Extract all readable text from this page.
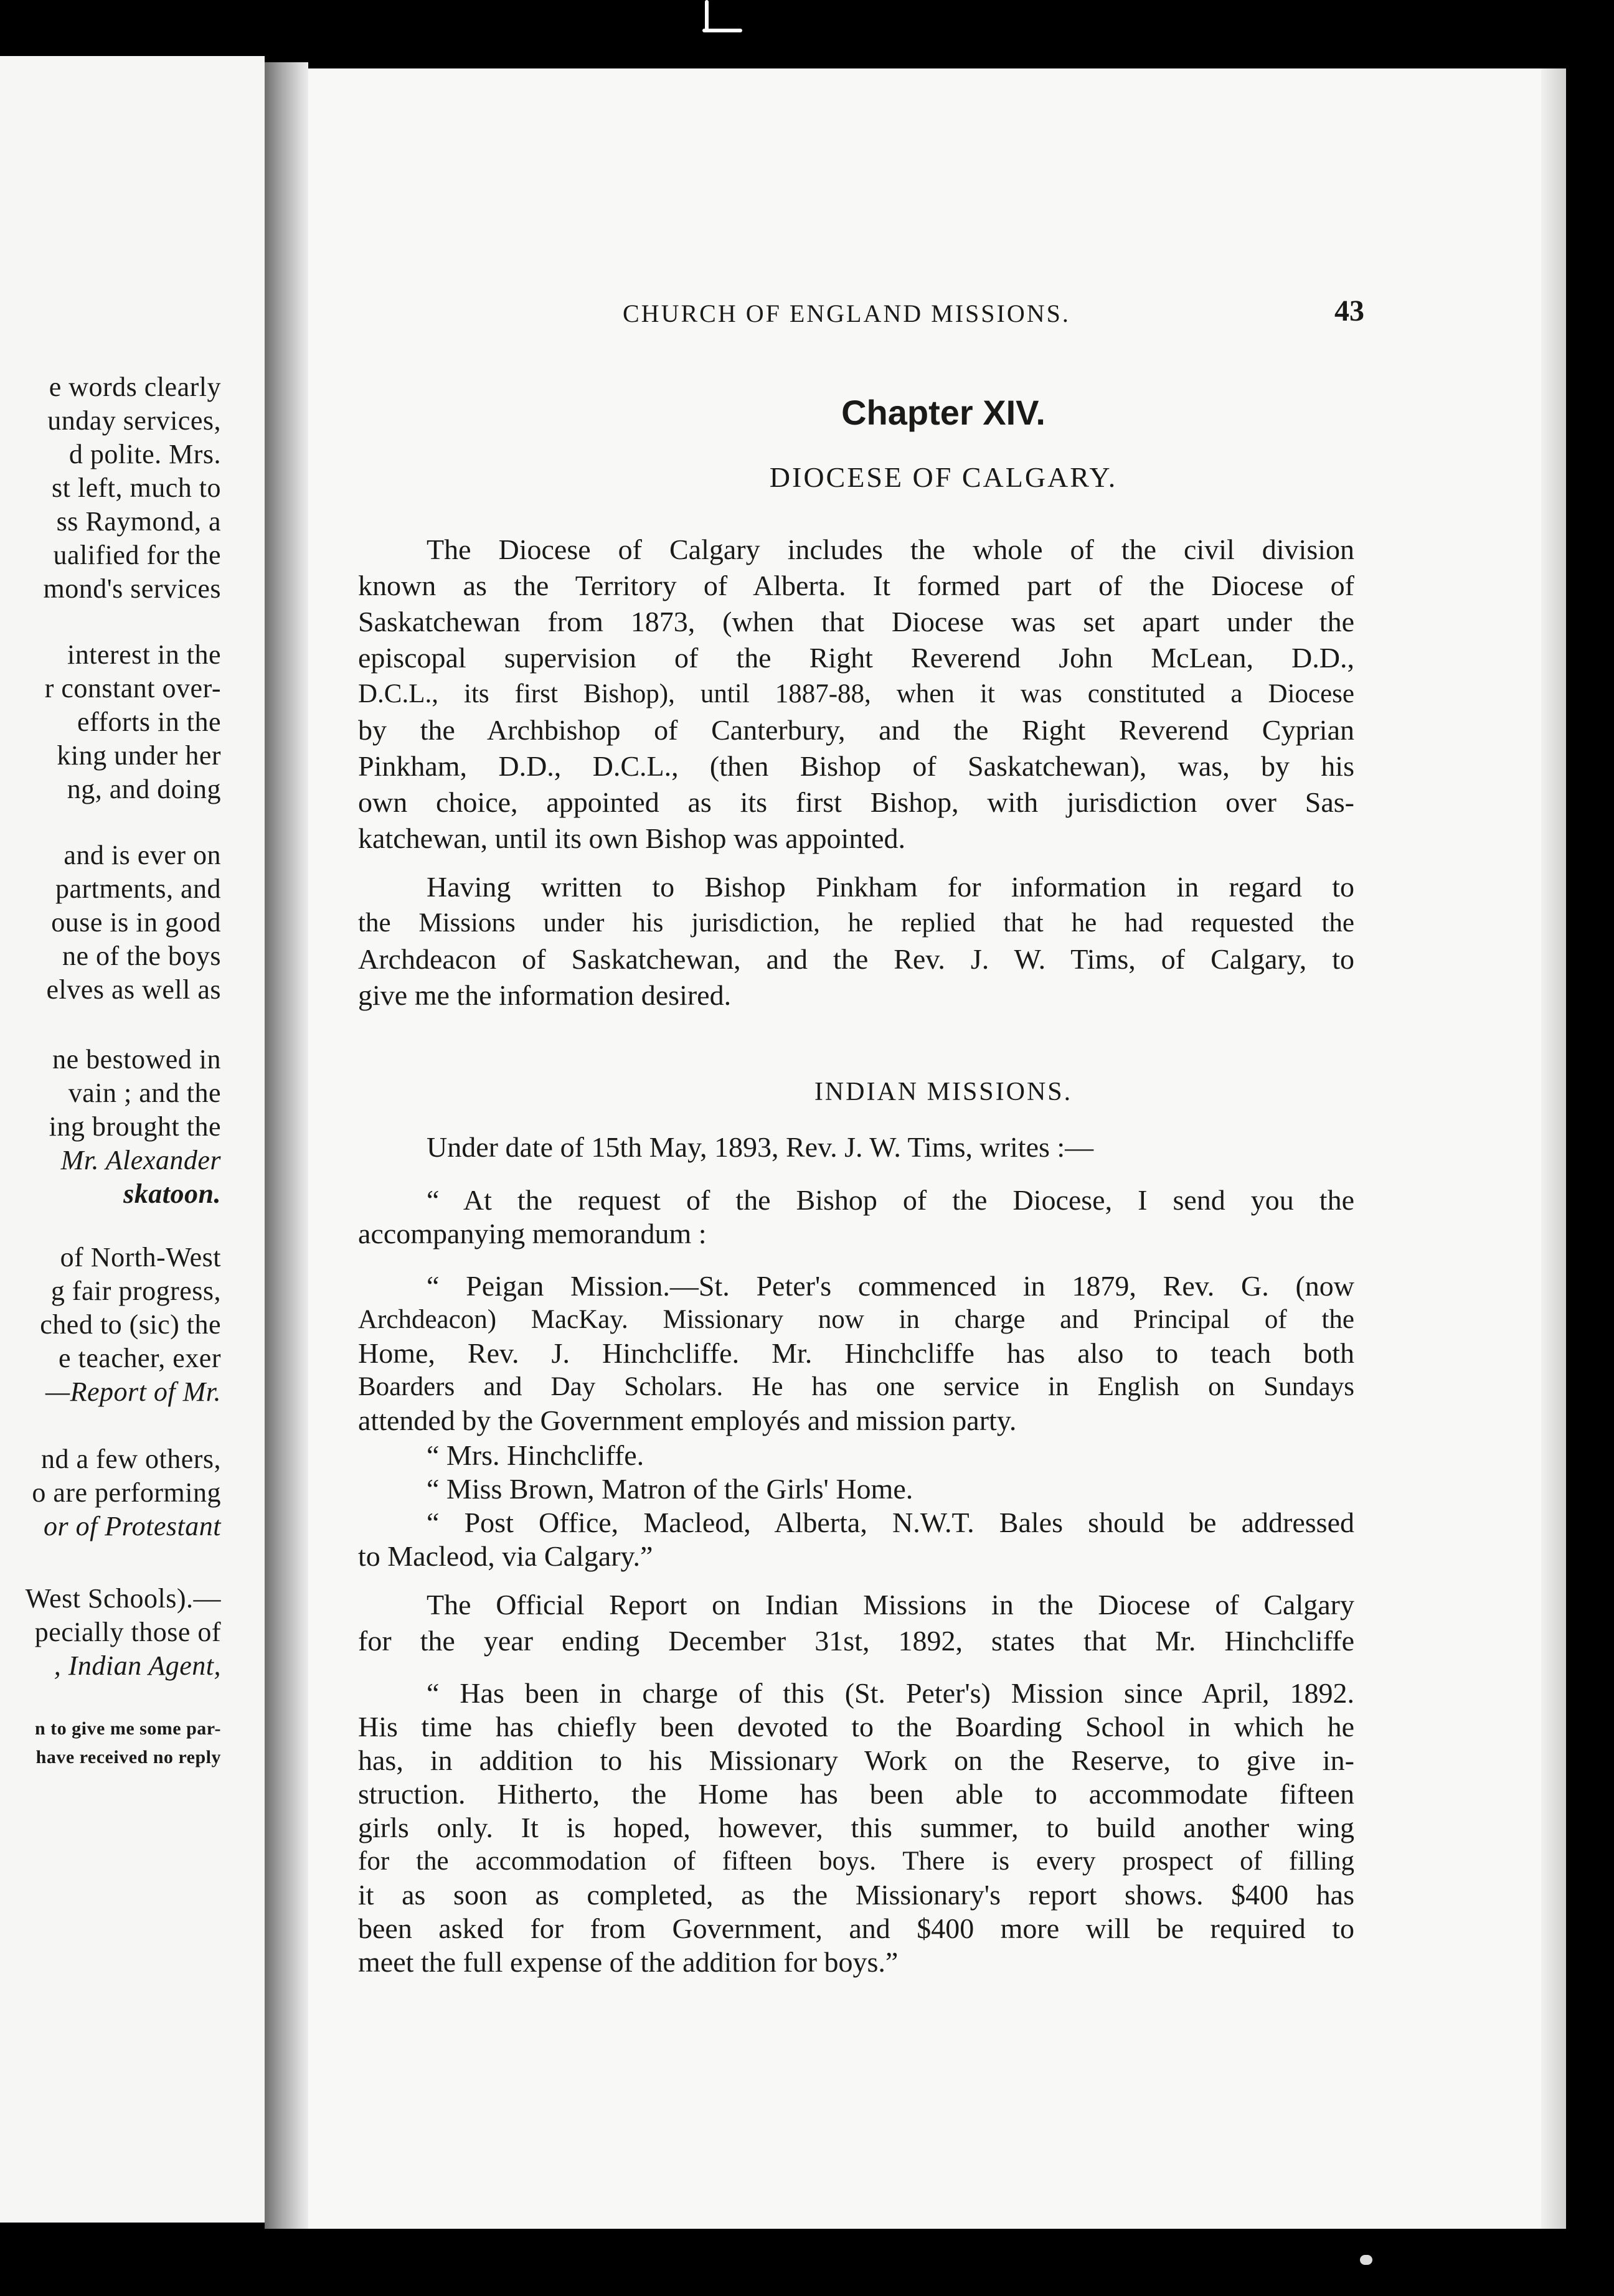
e words clearly
unday services,
d polite. Mrs.
st left, much to
ss Raymond, a
ualified for the
mond's services
interest in the
r constant over-
efforts in the
king under her
ng, and doing
and is ever on
partments, and
ouse is in good
ne of the boys
elves as well as
ne bestowed in
vain ; and the
ing brought the
Mr. Alexander
skatoon.
of North-West
g fair progress,
ched to (sic) the
e teacher, exer
—Report of Mr.
nd a few others,
o are performing
or of Protestant
West Schools).—
pecially those of
, Indian Agent,
n to give me some par-
have received no reply
CHURCH OF ENGLAND MISSIONS.	43
Chapter XIV.
DIOCESE OF CALGARY.
The Diocese of Calgary includes the whole of the civil division
known as the Territory of Alberta. It formed part of the Diocese of
Saskatchewan from 1873, (when that Diocese was set apart under the
episcopal supervision of the Right Reverend John McLean, D.D.,
D.C.L., its first Bishop), until 1887-88, when it was constituted a Diocese
by the Archbishop of Canterbury, and the Right Reverend Cyprian
Pinkham, D.D., D.C.L., (then Bishop of Saskatchewan), was, by his
own choice, appointed as its first Bishop, with jurisdiction over Sas-
katchewan, until its own Bishop was appointed.
Having written to Bishop Pinkham for information in regard to
the Missions under his jurisdiction, he replied that he had requested the
Archdeacon of Saskatchewan, and the Rev. J. W. Tims, of Calgary, to
give me the information desired.
INDIAN MISSIONS.
Under date of 15th May, 1893, Rev. J. W. Tims, writes :—
“ At the request of the Bishop of the Diocese, I send you the
accompanying memorandum :
“ Peigan Mission.—St. Peter's commenced in 1879, Rev. G. (now
Archdeacon) MacKay. Missionary now in charge and Principal of the
Home, Rev. J. Hinchcliffe. Mr. Hinchcliffe has also to teach both
Boarders and Day Scholars. He has one service in English on Sundays
attended by the Government employés and mission party.
“ Mrs. Hinchcliffe.
“ Miss Brown, Matron of the Girls' Home.
“ Post Office, Macleod, Alberta, N.W.T. Bales should be addressed
to Macleod, via Calgary.”
The Official Report on Indian Missions in the Diocese of Calgary
for the year ending December 31st, 1892, states that Mr. Hinchcliffe
“ Has been in charge of this (St. Peter's) Mission since April, 1892.
His time has chiefly been devoted to the Boarding School in which he
has, in addition to his Missionary Work on the Reserve, to give in-
struction. Hitherto, the Home has been able to accommodate fifteen
girls only. It is hoped, however, this summer, to build another wing
for the accommodation of fifteen boys. There is every prospect of filling
it as soon as completed, as the Missionary's report shows. $400 has
been asked for from Government, and $400 more will be required to
meet the full expense of the addition for boys.”
